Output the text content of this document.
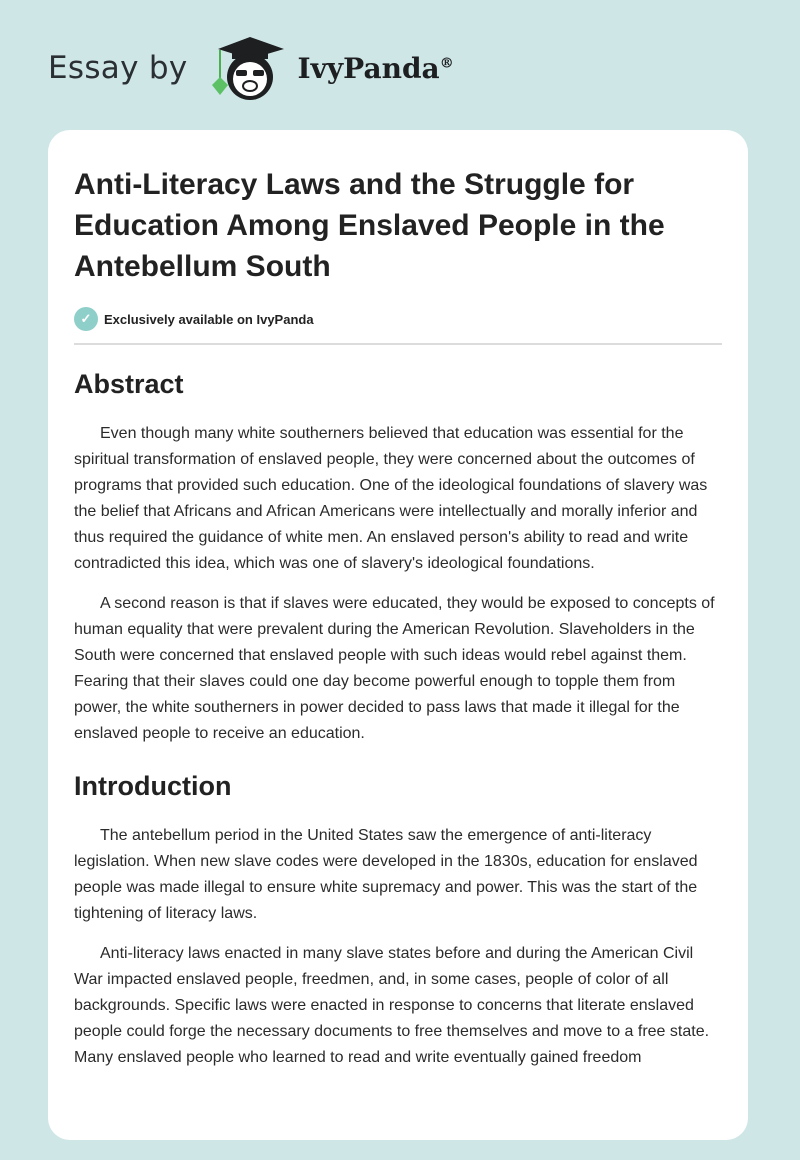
Essay by	IvyPanda®
Anti-Literacy Laws and the Struggle for Education Among Enslaved People in the Antebellum South
✓ Exclusively available on IvyPanda
Abstract

Even though many white southerners believed that education was essential for the spiritual transformation of enslaved people, they were concerned about the outcomes of programs that provided such education. One of the ideological foundations of slavery was the belief that Africans and African Americans were intellectually and morally inferior and thus required the guidance of white men. An enslaved person's ability to read and write contradicted this idea, which was one of slavery's ideological foundations.

A second reason is that if slaves were educated, they would be exposed to concepts of human equality that were prevalent during the American Revolution. Slaveholders in the South were concerned that enslaved people with such ideas would rebel against them. Fearing that their slaves could one day become powerful enough to topple them from power, the white southerners in power decided to pass laws that made it illegal for the enslaved people to receive an education.

Introduction

The antebellum period in the United States saw the emergence of anti-literacy legislation. When new slave codes were developed in the 1830s, education for enslaved people was made illegal to ensure white supremacy and power. This was the start of the tightening of literacy laws.

Anti-literacy laws enacted in many slave states before and during the American Civil War impacted enslaved people, freedmen, and, in some cases, people of color of all backgrounds. Specific laws were enacted in response to concerns that literate enslaved people could forge the necessary documents to free themselves and move to a free state. Many enslaved people who learned to read and write eventually gained freedom
